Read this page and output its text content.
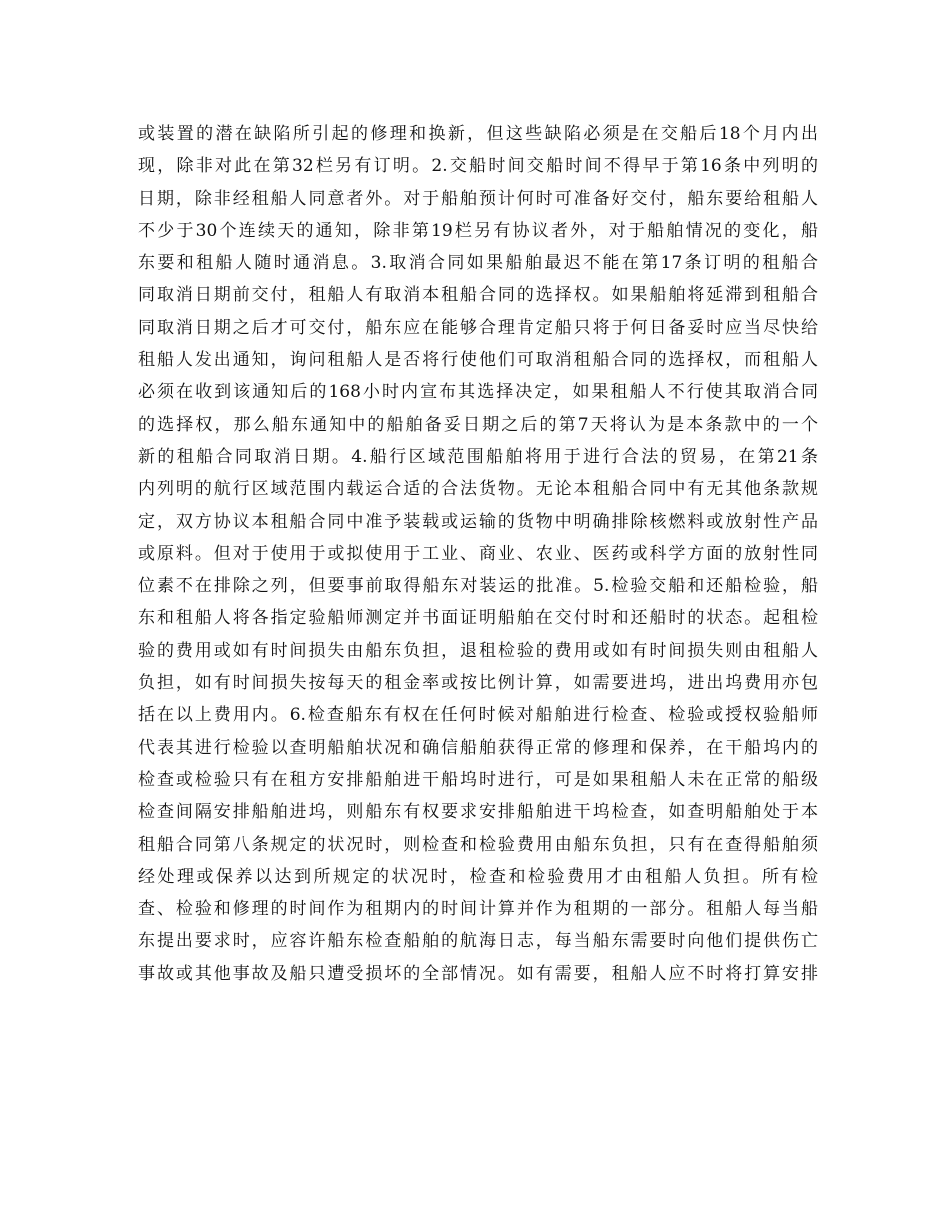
或装置的潜在缺陷所引起的修理和换新，但这些缺陷必须是在交船后18个月内出
现，除非对此在第32栏另有订明。2.交船时间交船时间不得早于第16条中列明的
日期，除非经租船人同意者外。对于船舶预计何时可准备好交付，船东要给租船人
不少于30个连续天的通知，除非第19栏另有协议者外，对于船舶情况的变化，船
东要和租船人随时通消息。3.取消合同如果船舶最迟不能在第17条订明的租船合
同取消日期前交付，租船人有取消本租船合同的选择权。如果船舶将延滞到租船合
同取消日期之后才可交付，船东应在能够合理肯定船只将于何日备妥时应当尽快给
租船人发出通知，询问租船人是否将行使他们可取消租船合同的选择权，而租船人
必须在收到该通知后的168小时内宣布其选择决定，如果租船人不行使其取消合同
的选择权，那么船东通知中的船舶备妥日期之后的第7天将认为是本条款中的一个
新的租船合同取消日期。4.船行区域范围船舶将用于进行合法的贸易，在第21条
内列明的航行区域范围内载运合适的合法货物。无论本租船合同中有无其他条款规
定，双方协议本租船合同中准予装载或运输的货物中明确排除核燃料或放射性产品
或原料。但对于使用于或拟使用于工业、商业、农业、医药或科学方面的放射性同
位素不在排除之列，但要事前取得船东对装运的批准。5.检验交船和还船检验，船
东和租船人将各指定验船师测定并书面证明船舶在交付时和还船时的状态。起租检
验的费用或如有时间损失由船东负担，退租检验的费用或如有时间损失则由租船人
负担，如有时间损失按每天的租金率或按比例计算，如需要进坞，进出坞费用亦包
括在以上费用内。6.检查船东有权在任何时候对船舶进行检查、检验或授权验船师
代表其进行检验以查明船舶状况和确信船舶获得正常的修理和保养，在干船坞内的
检查或检验只有在租方安排船舶进干船坞时进行，可是如果租船人未在正常的船级
检查间隔安排船舶进坞，则船东有权要求安排船舶进干坞检查，如查明船舶处于本
租船合同第八条规定的状况时，则检查和检验费用由船东负担，只有在查得船舶须
经处理或保养以达到所规定的状况时，检查和检验费用才由租船人负担。所有检
查、检验和修理的时间作为租期内的时间计算并作为租期的一部分。租船人每当船
东提出要求时，应容许船东检查船舶的航海日志，每当船东需要时向他们提供伤亡
事故或其他事故及船只遭受损坏的全部情况。如有需要，租船人应不时将打算安排
